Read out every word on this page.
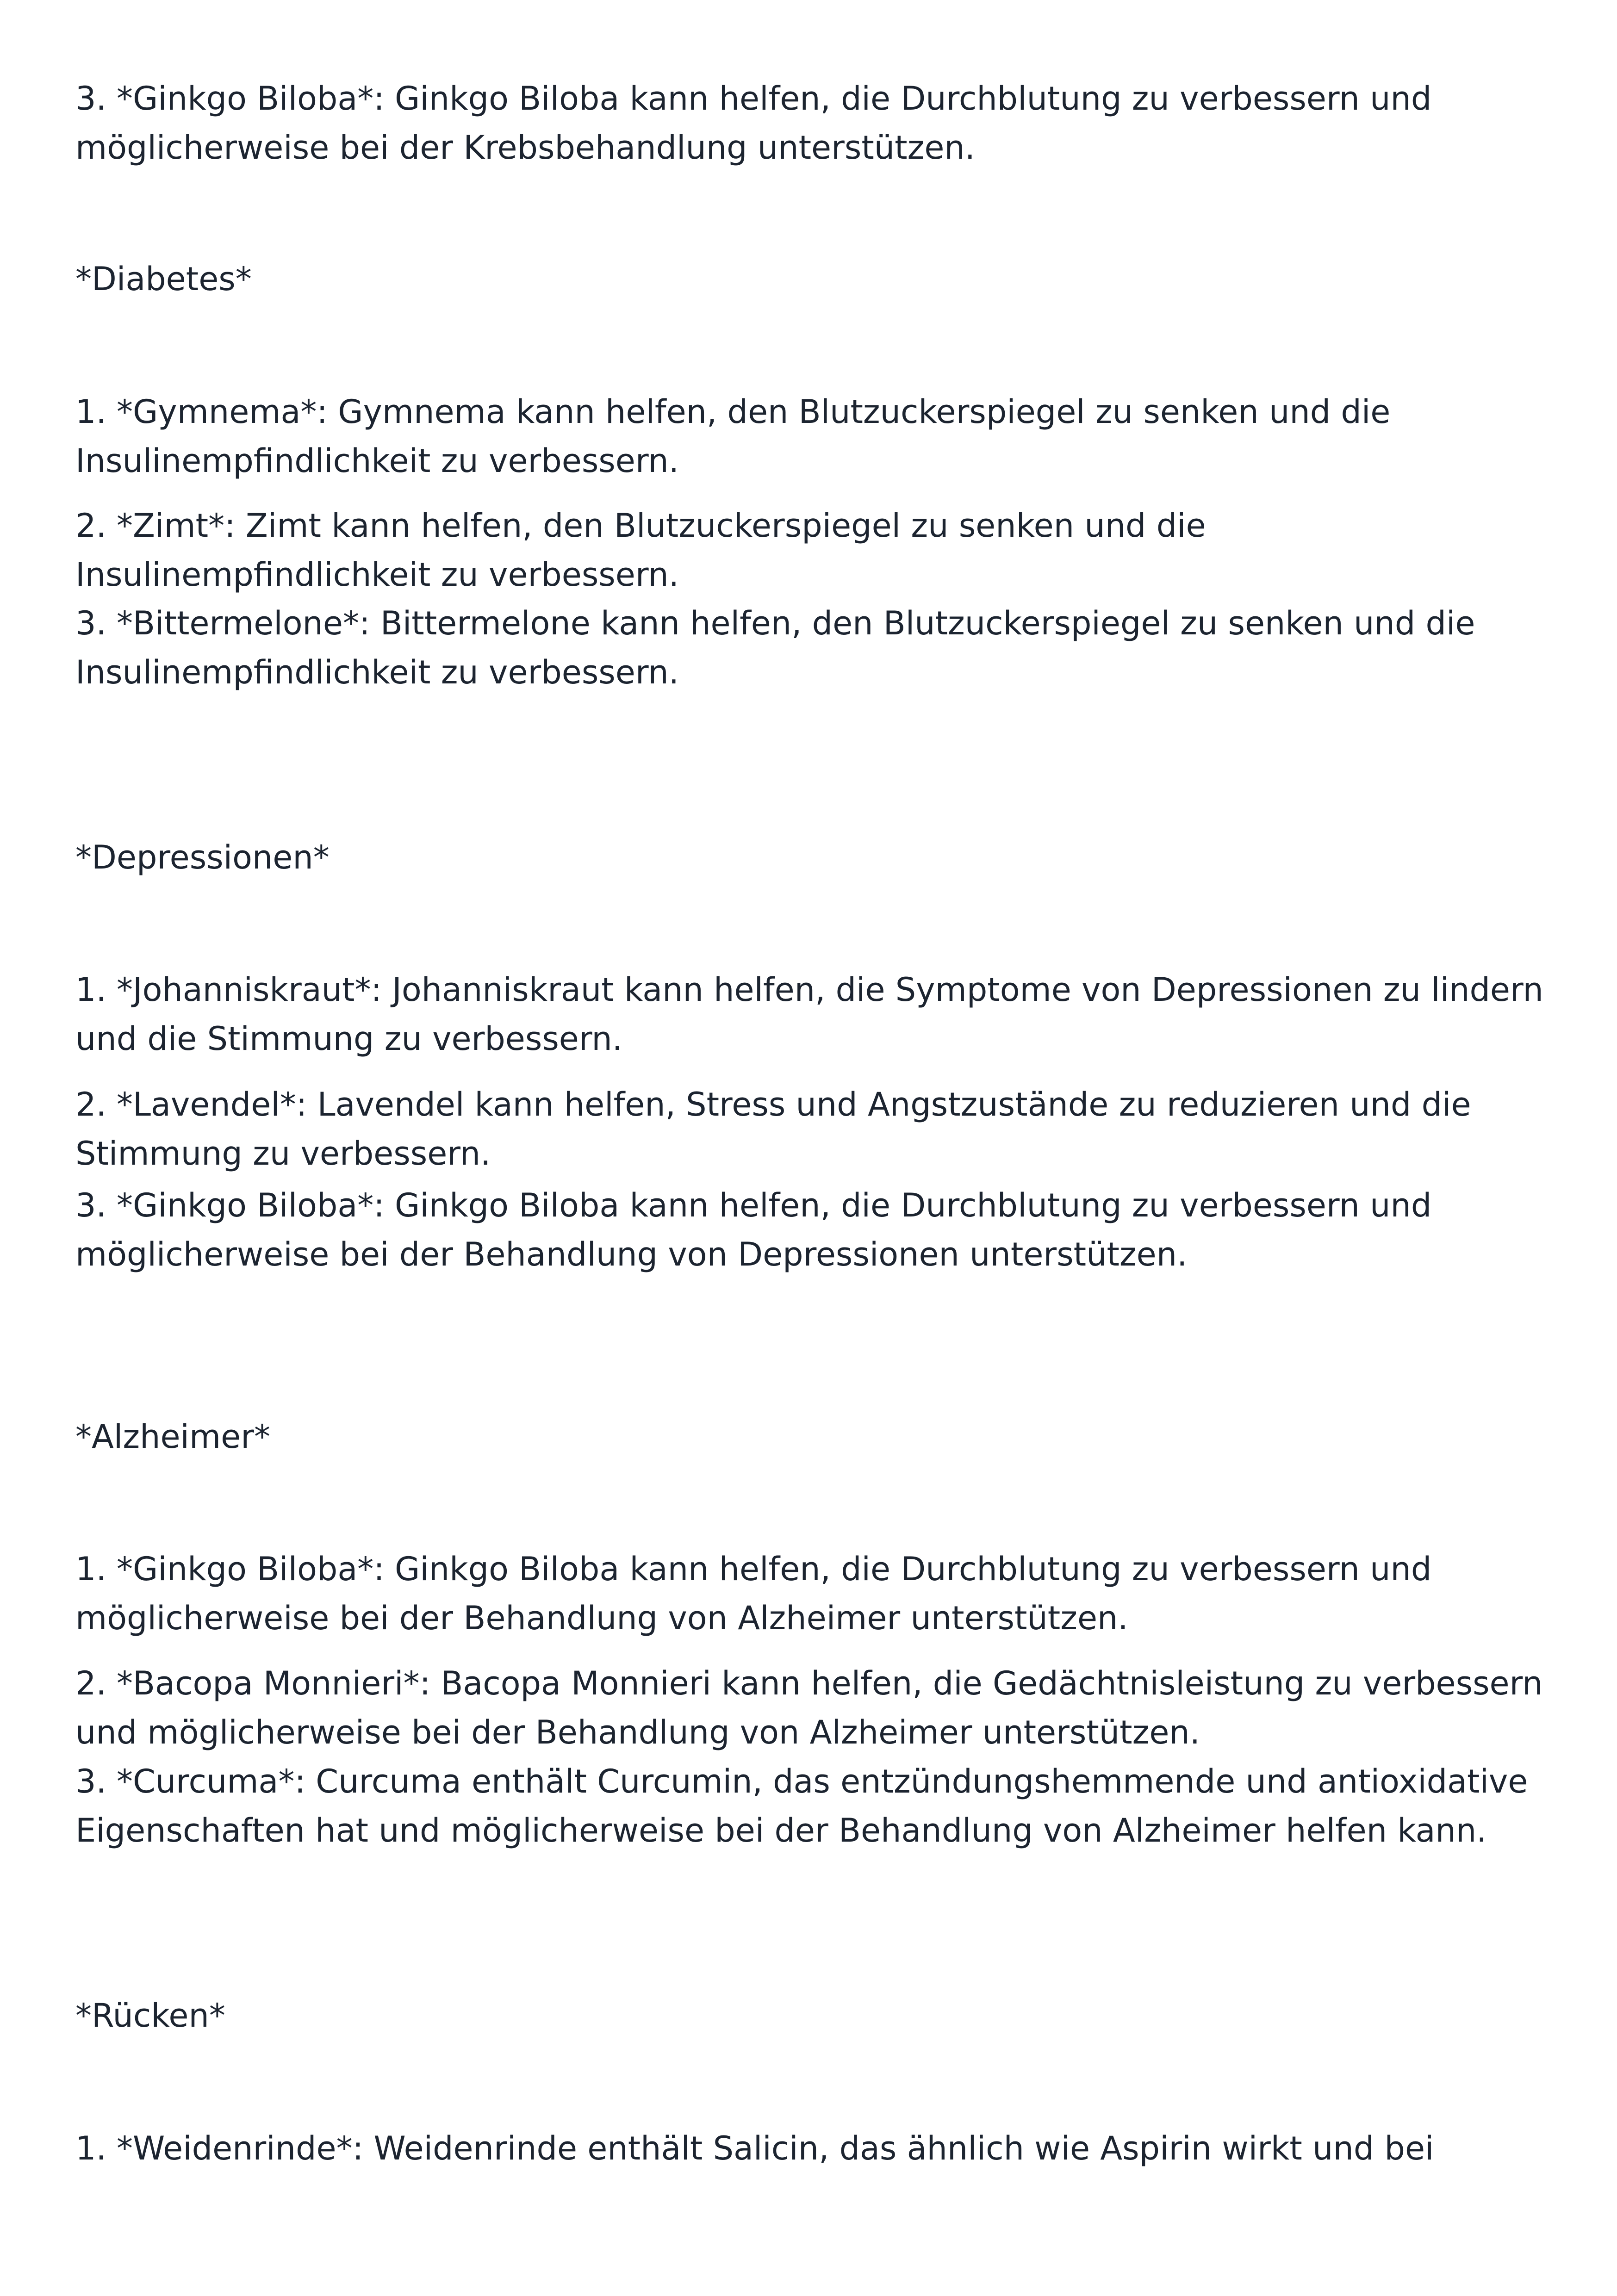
3. *Ginkgo Biloba*: Ginkgo Biloba kann helfen, die Durchblutung zu verbessern und möglicherweise bei der Krebsbehandlung unterstützen.

*Diabetes*

1. *Gymnema*: Gymnema kann helfen, den Blutzuckerspiegel zu senken und die Insulinempfindlichkeit zu verbessern.

2. *Zimt*: Zimt kann helfen, den Blutzuckerspiegel zu senken und die Insulinempfindlichkeit zu verbessern.

3. *Bittermelone*: Bittermelone kann helfen, den Blutzuckerspiegel zu senken und die Insulinempfindlichkeit zu verbessern.

*Depressionen*

1. *Johanniskraut*: Johanniskraut kann helfen, die Symptome von Depressionen zu lindern und die Stimmung zu verbessern.

2. *Lavendel*: Lavendel kann helfen, Stress und Angstzustände zu reduzieren und die Stimmung zu verbessern.

3. *Ginkgo Biloba*: Ginkgo Biloba kann helfen, die Durchblutung zu verbessern und möglicherweise bei der Behandlung von Depressionen unterstützen.

*Alzheimer*

1. *Ginkgo Biloba*: Ginkgo Biloba kann helfen, die Durchblutung zu verbessern und möglicherweise bei der Behandlung von Alzheimer unterstützen.

2. *Bacopa Monnieri*: Bacopa Monnieri kann helfen, die Gedächtnisleistung zu verbessern und möglicherweise bei der Behandlung von Alzheimer unterstützen.

3. *Curcuma*: Curcuma enthält Curcumin, das entzündungshemmende und antioxidative Eigenschaften hat und möglicherweise bei der Behandlung von Alzheimer helfen kann.

*Rücken*

1. *Weidenrinde*: Weidenrinde enthält Salicin, das ähnlich wie Aspirin wirkt und bei
